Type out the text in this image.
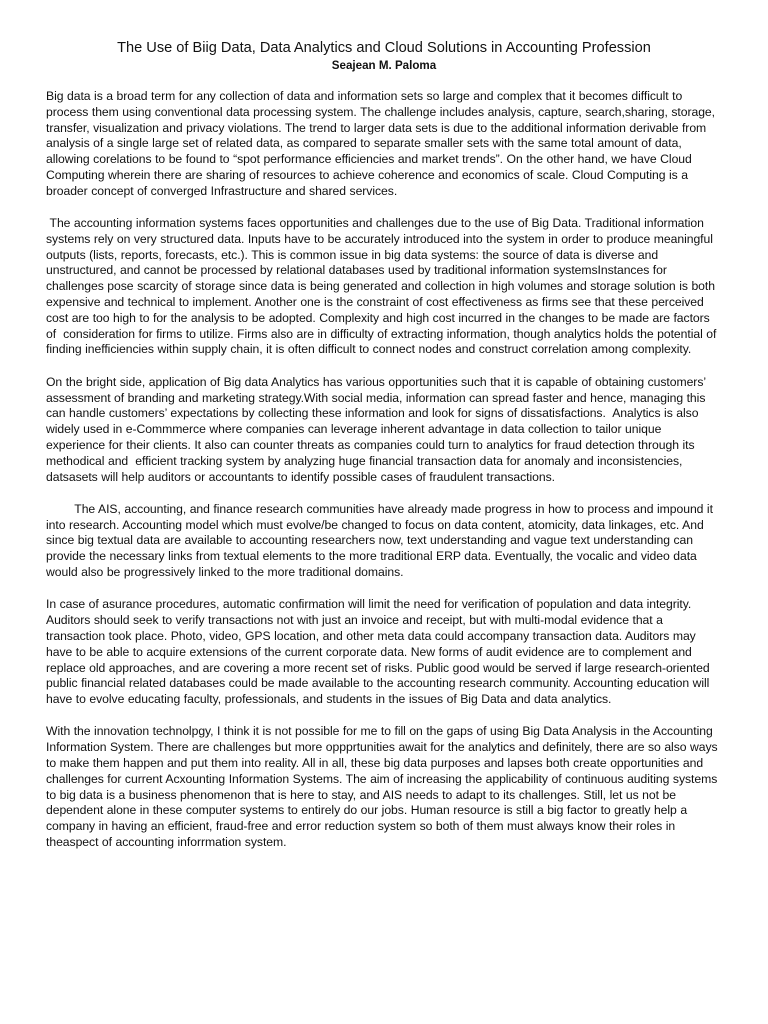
The Use of Biig Data, Data Analytics and Cloud Solutions in Accounting Profession
Seajean M. Paloma

Big data is a broad term for any collection of data and information sets so large and complex that it becomes difficult to process them using conventional data processing system. The challenge includes analysis, capture, search,sharing, storage, transfer, visualization and privacy violations. The trend to larger data sets is due to the additional information derivable from analysis of a single large set of related data, as compared to separate smaller sets with the same total amount of data, allowing corelations to be found to “spot performance efficiencies and market trends”. On the other hand, we have Cloud Computing wherein there are sharing of resources to achieve coherence and economics of scale. Cloud Computing is a broader concept of converged Infrastructure and shared services.

The accounting information systems faces opportunities and challenges due to the use of Big Data. Traditional information systems rely on very structured data. Inputs have to be accurately introduced into the system in order to produce meaningful outputs (lists, reports, forecasts, etc.). This is common issue in big data systems: the source of data is diverse and unstructured, and cannot be processed by relational databases used by traditional information systemsInstances for challenges pose scarcity of storage since data is being generated and collection in high volumes and storage solution is both expensive and technical to implement. Another one is the constraint of cost effectiveness as firms see that these perceived cost are too high to for the analysis to be adopted. Complexity and high cost incurred in the changes to be made are factors of  consideration for firms to utilize. Firms also are in difficulty of extracting information, though analytics holds the potential of finding inefficiencies within supply chain, it is often difficult to connect nodes and construct correlation among complexity.

On the bright side, application of Big data Analytics has various opportunities such that it is capable of obtaining customers’ assessment of branding and marketing strategy.With social media, information can spread faster and hence, managing this can handle customers’ expectations by collecting these information and look for signs of dissatisfactions.  Analytics is also widely used in e-Commmerce where companies can leverage inherent advantage in data collection to tailor unique experience for their clients. It also can counter threats as companies could turn to analytics for fraud detection through its methodical and  efficient tracking system by analyzing huge financial transaction data for anomaly and inconsistencies, datsasets will help auditors or accountants to identify possible cases of fraudulent transactions.

The AIS, accounting, and finance research communities have already made progress in how to process and impound it into research. Accounting model which must evolve/be changed to focus on data content, atomicity, data linkages, etc. And since big textual data are available to accounting researchers now, text understanding and vague text understanding can provide the necessary links from textual elements to the more traditional ERP data. Eventually, the vocalic and video data would also be progressively linked to the more traditional domains.

In case of asurance procedures, automatic confirmation will limit the need for verification of population and data integrity. Auditors should seek to verify transactions not with just an invoice and receipt, but with multi-modal evidence that a transaction took place. Photo, video, GPS location, and other meta data could accompany transaction data. Auditors may have to be able to acquire extensions of the current corporate data. New forms of audit evidence are to complement and replace old approaches, and are covering a more recent set of risks. Public good would be served if large research-oriented public financial related databases could be made available to the accounting research community. Accounting education will have to evolve educating faculty, professionals, and students in the issues of Big Data and data analytics.

With the innovation technolpgy, I think it is not possible for me to fill on the gaps of using Big Data Analysis in the Accounting Information System. There are challenges but more oppprtunities await for the analytics and definitely, there are so also ways to make them happen and put them into reality. All in all, these big data purposes and lapses both create opportunities and challenges for current Acxounting Information Systems. The aim of increasing the applicability of continuous auditing systems to big data is a business phenomenon that is here to stay, and AIS needs to adapt to its challenges. Still, let us not be dependent alone in these computer systems to entirely do our jobs. Human resource is still a big factor to greatly help a company in having an efficient, fraud-free and error reduction system so both of them must always know their roles in theaspect of accounting inforrmation system.
